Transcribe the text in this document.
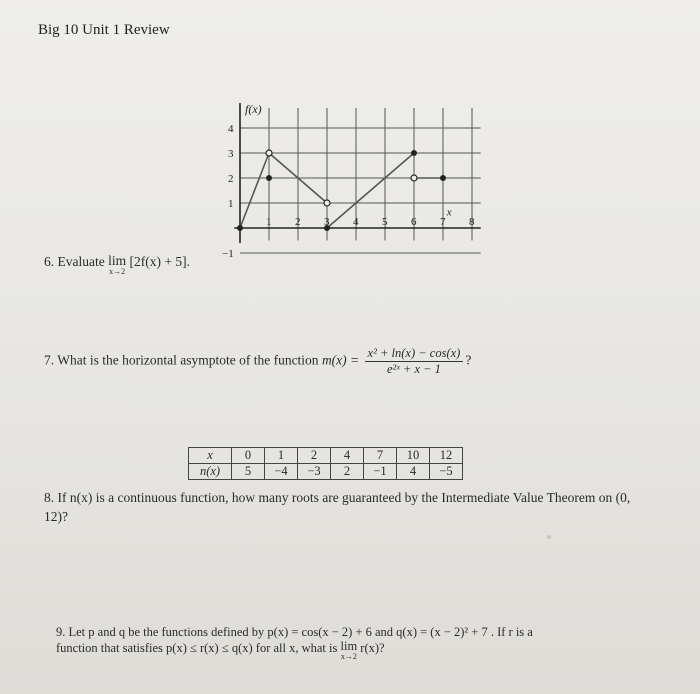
Big 10 Unit 1 Review
4
3
2
1
−1
1 2 3 4 5 6 7 8
f(x)
x
6. Evaluate lim
x→2
[2f(x) + 5].
7. What is the horizontal asymptote of the function $m(x) = \frac{\text{x² + ln(x) − cos(x)}}{\text{e²ˣ + x − 1}}$ ?
x	0	1	2	4	7	10	12
n(x)	5	−4	−3	2	−1	4	−5
8. If n(x) is a continuous function, how many roots are guaranteed by the Intermediate Value Theorem on (0, 12)?
9. Let p and q be the functions defined by p(x) = cos(x − 2) + 6 and q(x) = (x − 2)² + 7 . If r is a
function that satisfies p(x) ≤ r(x) ≤ q(x) for all x, what is lim
x→2
r(x)?
